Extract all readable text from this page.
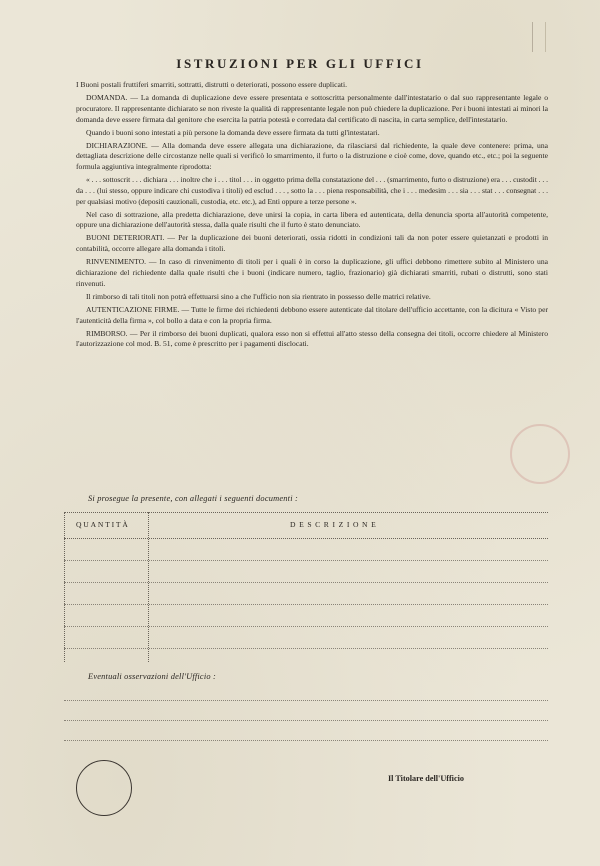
ISTRUZIONI PER GLI UFFICI

I Buoni postali fruttiferi smarriti, sottratti, distrutti o deteriorati, possono essere duplicati.

DOMANDA. — La domanda di duplicazione deve essere presentata e sottoscritta personalmente dall'intestatario o dal suo rappresentante legale o procuratore. Il rappresentante dichiarato se non riveste la qualità di rappresentante legale non può chiedere la duplicazione. Per i buoni intestati ai minori la domanda deve essere firmata dal genitore che esercita la patria potestà e corredata dal certificato di nascita, in carta semplice, dell'intestatario.

Quando i buoni sono intestati a più persone la domanda deve essere firmata da tutti gl'intestatari.

DICHIARAZIONE. — Alla domanda deve essere allegata una dichiarazione, da rilasciarsi dal richiedente, la quale deve contenere: prima, una dettagliata descrizione delle circostanze nelle quali si verificò lo smarrimento, il furto o la distruzione e cioè come, dove, quando etc., etc.; poi la seguente formula aggiuntiva integralmente riprodotta:

« . . . sottoscrit . . . dichiara . . . inoltre che i . . . titol . . . in oggetto prima della constatazione del . . . (smarrimento, furto o distruzione) era . . . custodit . . . da . . . (lui stesso, oppure indicare chi custodiva i titoli) ed esclud . . . , sotto la . . . piena responsabilità, che i . . . medesim . . . sia . . . stat . . . consegnat . . . per qualsiasi motivo (depositi cauzionali, custodia, etc. etc.), ad Enti oppure a terze persone ».

Nel caso di sottrazione, alla predetta dichiarazione, deve unirsi la copia, in carta libera ed autenticata, della denuncia sporta all'autorità competente, oppure una dichiarazione dell'autorità stessa, dalla quale risulti che il furto è stato denunciato.

BUONI DETERIORATI. — Per la duplicazione dei buoni deteriorati, ossia ridotti in condizioni tali da non poter essere quietanzati e prodotti in contabilità, occorre allegare alla domanda i titoli.

RINVENIMENTO. — In caso di rinvenimento di titoli per i quali è in corso la duplicazione, gli uffici debbono rimettere subito al Ministero una dichiarazione del richiedente dalla quale risulti che i buoni (indicare numero, taglio, frazionario) già dichiarati smarriti, rubati o distrutti, sono stati rinvenuti.

Il rimborso di tali titoli non potrà effettuarsi sino a che l'ufficio non sia rientrato in possesso delle matrici relative.

AUTENTICAZIONE FIRME. — Tutte le firme dei richiedenti debbono essere autenticate dal titolare dell'ufficio accettante, con la dicitura « Visto per l'autenticità della firma », col bollo a data e con la propria firma.

RIMBORSO. — Per il rimborso dei buoni duplicati, qualora esso non si effettui all'atto stesso della consegna dei titoli, occorre chiedere al Ministero l'autorizzazione col mod. B. 51, come è prescritto per i pagamenti disclocati.

Si prosegue la presente, con allegati i seguenti documenti :
QUANTITÀ	DESCRIZIONE
Eventuali osservazioni dell'Ufficio :
Il Titolare dell'Ufficio
